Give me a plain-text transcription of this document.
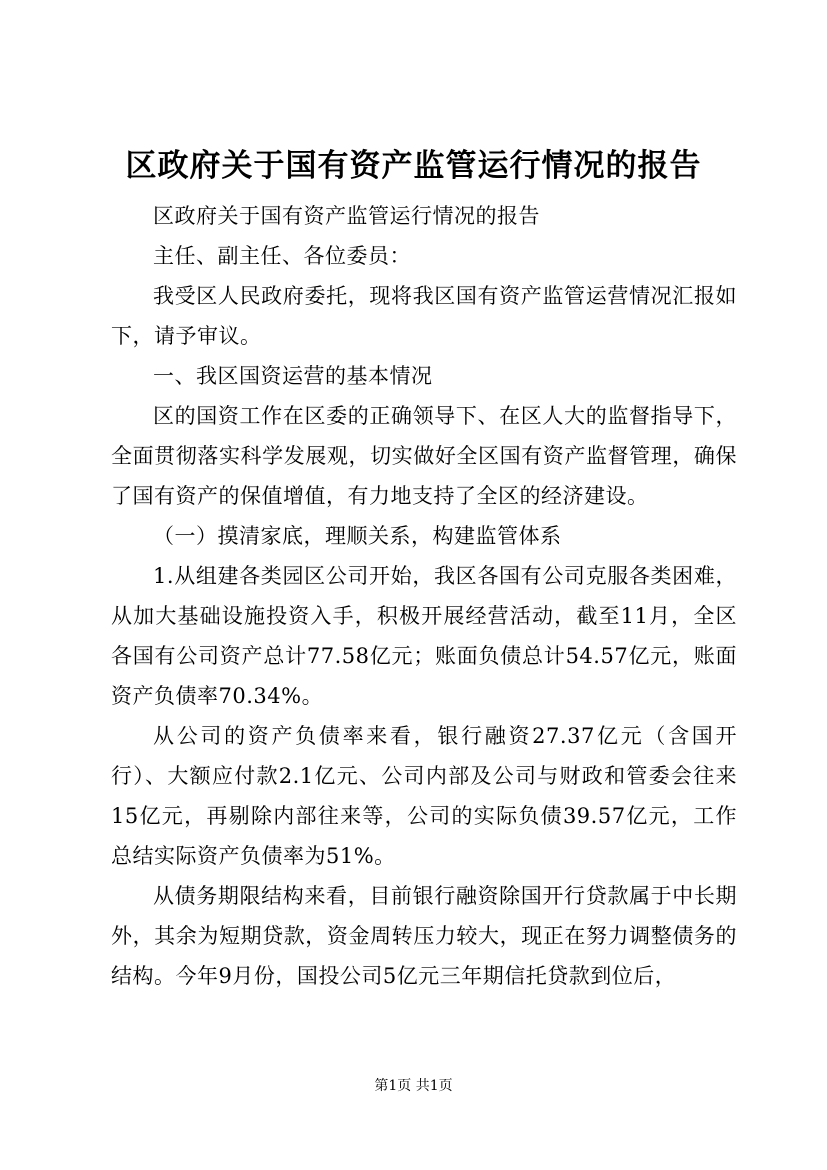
区政府关于国有资产监管运行情况的报告

区政府关于国有资产监管运行情况的报告

主任、副主任、各位委员：

我受区人民政府委托，现将我区国有资产监管运营情况汇报如下，请予审议。

一、我区国资运营的基本情况

区的国资工作在区委的正确领导下、在区人大的监督指导下，全面贯彻落实科学发展观，切实做好全区国有资产监督管理，确保了国有资产的保值增值，有力地支持了全区的经济建设。

（一）摸清家底，理顺关系，构建监管体系

1.从组建各类园区公司开始，我区各国有公司克服各类困难，从加大基础设施投资入手，积极开展经营活动，截至11月，全区各国有公司资产总计77.58亿元；账面负债总计54.57亿元，账面资产负债率70.34%。

从公司的资产负债率来看，银行融资27.37亿元（含国开行）、大额应付款2.1亿元、公司内部及公司与财政和管委会往来15亿元，再剔除内部往来等，公司的实际负债39.57亿元，工作总结实际资产负债率为51%。

从债务期限结构来看，目前银行融资除国开行贷款属于中长期外，其余为短期贷款，资金周转压力较大，现正在努力调整债务的结构。今年9月份，国投公司5亿元三年期信托贷款到位后，

第1页 共1页
